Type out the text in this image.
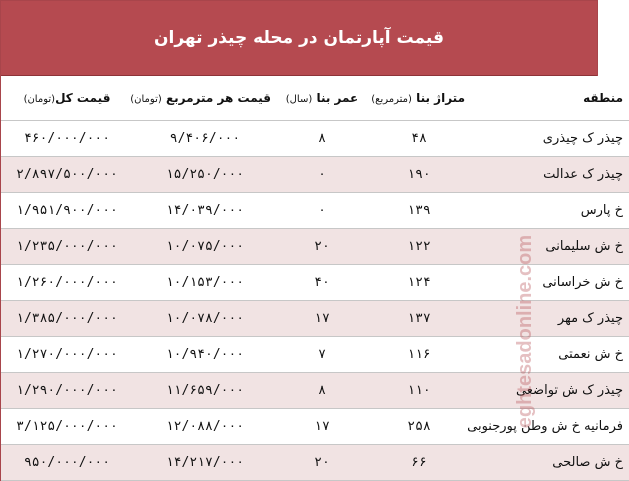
قیمت آپارتمان در محله چیذر تهران
منطقه	متراژ بنا (مترمربع)	عمر بنا (سال)	قیمت هر مترمربع (تومان)	قیمت کل(تومان)
چیذر ک چیذری	۴۸	۸	۹/۴۰۶/۰۰۰	۴۶۰/۰۰۰/۰۰۰
چیذر ک عدالت	۱۹۰	۰	۱۵/۲۵۰/۰۰۰	۲/۸۹۷/۵۰۰/۰۰۰
خ پارس	۱۳۹	۰	۱۴/۰۳۹/۰۰۰	۱/۹۵۱/۹۰۰/۰۰۰
خ ش سلیمانی	۱۲۲	۲۰	۱۰/۰۷۵/۰۰۰	۱/۲۳۵/۰۰۰/۰۰۰
خ ش خراسانی	۱۲۴	۴۰	۱۰/۱۵۳/۰۰۰	۱/۲۶۰/۰۰۰/۰۰۰
چیذر ک مهر	۱۳۷	۱۷	۱۰/۰۷۸/۰۰۰	۱/۳۸۵/۰۰۰/۰۰۰
خ ش نعمتی	۱۱۶	۷	۱۰/۹۴۰/۰۰۰	۱/۲۷۰/۰۰۰/۰۰۰
چیذر ک ش تواضعی	۱۱۰	۸	۱۱/۶۵۹/۰۰۰	۱/۲۹۰/۰۰۰/۰۰۰
فرمانیه خ ش وطن پورجنوبی	۲۵۸	۱۷	۱۲/۰۸۸/۰۰۰	۳/۱۲۵/۰۰۰/۰۰۰
خ ش صالحی	۶۶	۲۰	۱۴/۲۱۷/۰۰۰	۹۵۰/۰۰۰/۰۰۰
eghtesadonline.com
